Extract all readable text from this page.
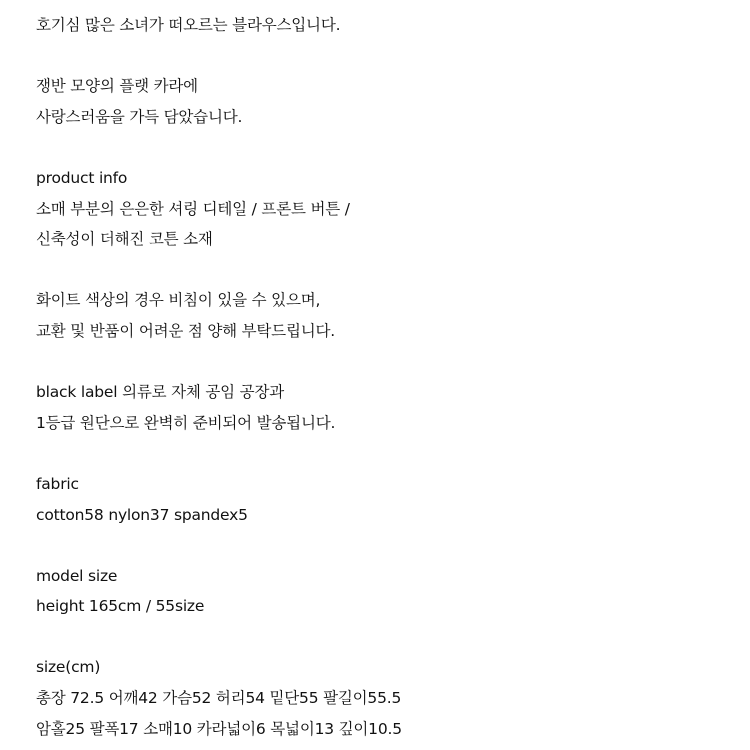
호기심 많은 소녀가 떠오르는 블라우스입니다.
쟁반 모양의 플랫 카라에
사랑스러움을 가득 담았습니다.
product info
소매 부분의 은은한 셔링 디테일 / 프론트 버튼 /
신축성이 더해진 코튼 소재
화이트 색상의 경우 비침이 있을 수 있으며,
교환 및 반품이 어려운 점 양해 부탁드립니다.
black label 의류로 자체 공임 공장과
1등급 원단으로 완벽히 준비되어 발송됩니다.
fabric
cotton58 nylon37 spandex5
model size
height 165cm / 55size
size(cm)
총장 72.5 어깨42 가슴52 허리54 밑단55 팔길이55.5
암홀25 팔폭17 소매10 카라넓이6 목넓이13 깊이10.5
